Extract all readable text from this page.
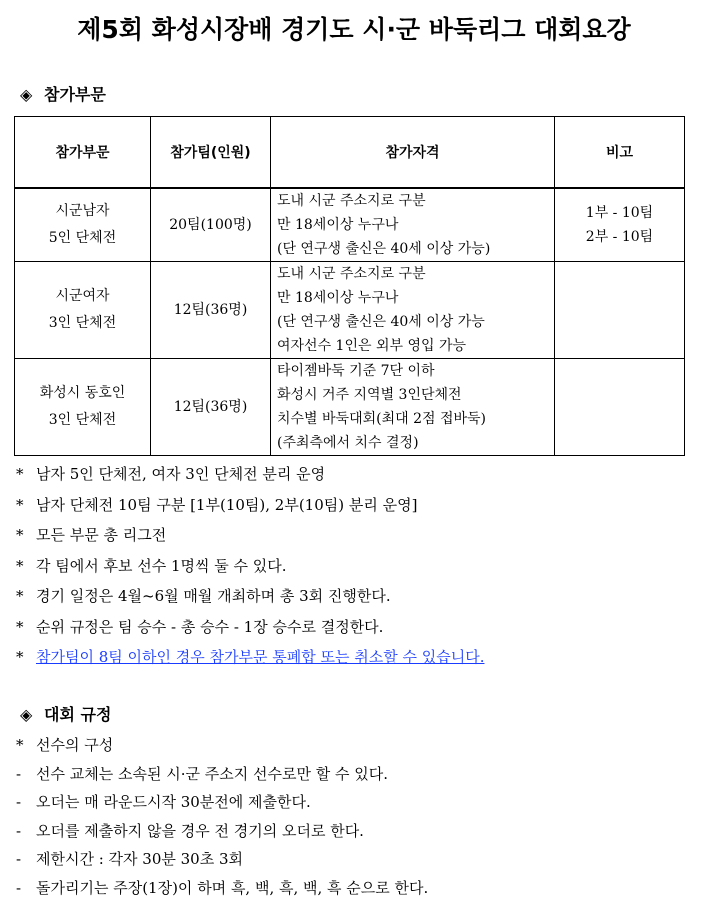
제5회 화성시장배 경기도 시·군 바둑리그 대회요강
◈ 참가부문
참가부문	참가팀(인원)	참가자격	비고

시군남자
5인 단체전	20팀(100명)	도내 시군 주소지로 구분
만 18세이상 누구나
(단 연구생 출신은 40세 이상 가능)	1부 - 10팀
2부 - 10팀

시군여자
3인 단체전	12팀(36명)	도내 시군 주소지로 구분
만 18세이상 누구나
(단 연구생 출신은 40세 이상 가능
여자선수 1인은 외부 영입 가능	

화성시 동호인
3인 단체전	12팀(36명)	타이젬바둑 기준 7단 이하
화성시 거주 지역별 3인단체전
치수별 바둑대회(최대 2점 접바둑)
(주최측에서 치수 결정)	

* 남자 5인 단체전, 여자 3인 단체전 분리 운영
* 남자 단체전 10팀 구분 [1부(10팀), 2부(10팀) 분리 운영]
* 모든 부문 총 리그전
* 각 팀에서 후보 선수 1명씩 둘 수 있다.
* 경기 일정은 4월~6월 매월 개최하며 총 3회 진행한다.
* 순위 규정은 팀 승수 - 총 승수 - 1장 승수로 결정한다.
* 참가팀이 8팀 이하인 경우 참가부문 통폐합 또는 취소할 수 있습니다.
◈ 대회 규정
* 선수의 구성
- 선수 교체는 소속된 시·군 주소지 선수로만 할 수 있다.
- 오더는 매 라운드시작 30분전에 제출한다.
- 오더를 제출하지 않을 경우 전 경기의 오더로 한다.
- 제한시간 : 각자 30분 30초 3회
- 돌가리기는 주장(1장)이 하며 흑, 백, 흑, 백, 흑 순으로 한다.
